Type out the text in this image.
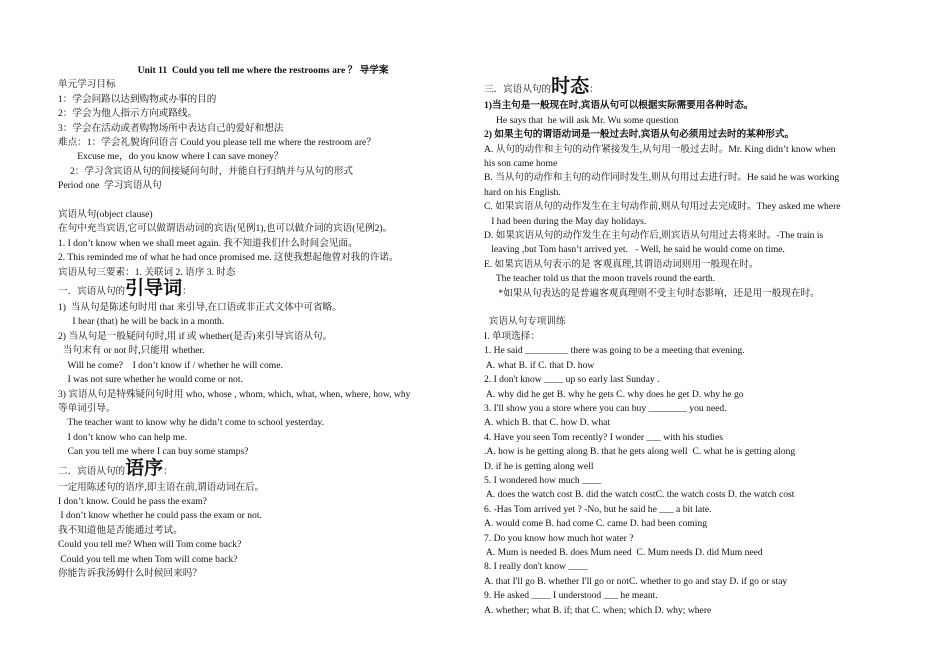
Unit 11  Could you tell me where the restrooms are ？ 导学案
单元学习目标
1：学会问路以达到购物或办事的目的
2：学会为他人指示方向或路线。
3：学会在活动或者购物场所中表达自己的爱好和想法
难点：1：学会礼貌询问语言 Could you please tell me where the restroom are？
Excuse me，do you know where I can save money？
2：学习含宾语从句的间接疑问句时，并能自行归纳并与从句的形式
Period one  学习宾语从句
宾语从句(object clause)
在句中充当宾语,它可以做谓语动词的宾语(见例1),也可以做介词的宾语(见例2)。
1. I don’t know when we shall meet again. 我不知道我们什么时间会见面。
2. This reminded me of what he had once promised me. 这使我想起他曾对我的许诺。
宾语从句三要素：1. 关联词 2. 语序 3. 时态
一．宾语从句的引导词：
1)  当从句是陈述句时用 that 来引导,在口语或非正式文体中可省略。
I hear (that) he will be back in a month.
2) 当从句是一般疑问句时,用 if 或 whether(是否)来引导宾语从句。
当句末有 or not 时,只能用 whether.
Will he come?    I don’t know if / whether he will come.
I was not sure whether he would come or not.
3) 宾语从句是特殊疑问句时用 who, whose , whom, which, what, when, where, how, why
等单词引导。
The teacher want to know why he didn’t come to school yesterday.
I don’t know who can help me.
Can you tell me where I can buy some stamps?
二．宾语从句的语序：
一定用陈述句的语序,即主语在前,谓语动词在后。
I don’t know. Could he pass the exam?
I don’t know whether he could pass the exam or not.
我不知道他是否能通过考试。
Could you tell me? When will Tom come back?
Could you tell me when Tom will come back?
你能告诉我汤姆什么时候回来吗？
三．宾语从句的时态：
1)当主句是一般现在时,宾语从句可以根据实际需要用各种时态。
He says that  he will ask Mr. Wu some question
2) 如果主句的谓语动词是一般过去时,宾语从句必须用过去时的某种形式。
A. 从句的动作和主句的动作紧接发生,从句用一般过去时。Mr. King didn’t know when
his son came home
B. 当从句的动作和主句的动作同时发生,则从句用过去进行时。He said he was working
hard on his English.
C. 如果宾语从句的动作发生在主句动作前,则从句用过去完成时。They asked me where
I had been during the May day holidays.
D. 如果宾语从句的动作发生在主句动作后,则宾语从句用过去将来时。-The train is
leaving ,but Tom hasn’t arrived yet.   - Well, he said he would come on time.
E. 如果宾语从句表示的是 客观真理,其谓语动词则用一般现在时。
The teacher told us that the moon travels round the earth.
*如果从句表达的是普遍客观真理则不受主句时态影响，还是用一般现在时。
宾语从句专项训练
I. 单项选择：
1. He said _________ there was going to be a meeting that evening.
A. what B. if C. that D. how
2. I don't know ____ up so early last Sunday .
A. why did he get B. why he gets C. why does he get D. why he go
3. I'll show you a store where you can buy ________ you need.
A. which B. that C. how D. what
4. Have you seen Tom recently? I wonder ___ with his studies
.A. how is he getting along B. that he gets along well  C. what he is getting along
D. if he is getting along well
5. I wondered how much ____
A. does the watch cost B. did the watch costC. the watch costs D. the watch cost
6. -Has Tom arrived yet ? -No, but he said he ___ a bit late.
A. would come B. had come C. came D. had been coming
7. Do you know how much hot water ?
A. Mum is needed B. does Mum need  C. Mum needs D. did Mum need
8. I really don't know ____
A. that I'll go B. whether I'll go or notC. whether to go and stay D. if go or stay
9. He asked ____ I understood ___ he meant.
A. whether; what B. if; that C. when; which D. why; where
